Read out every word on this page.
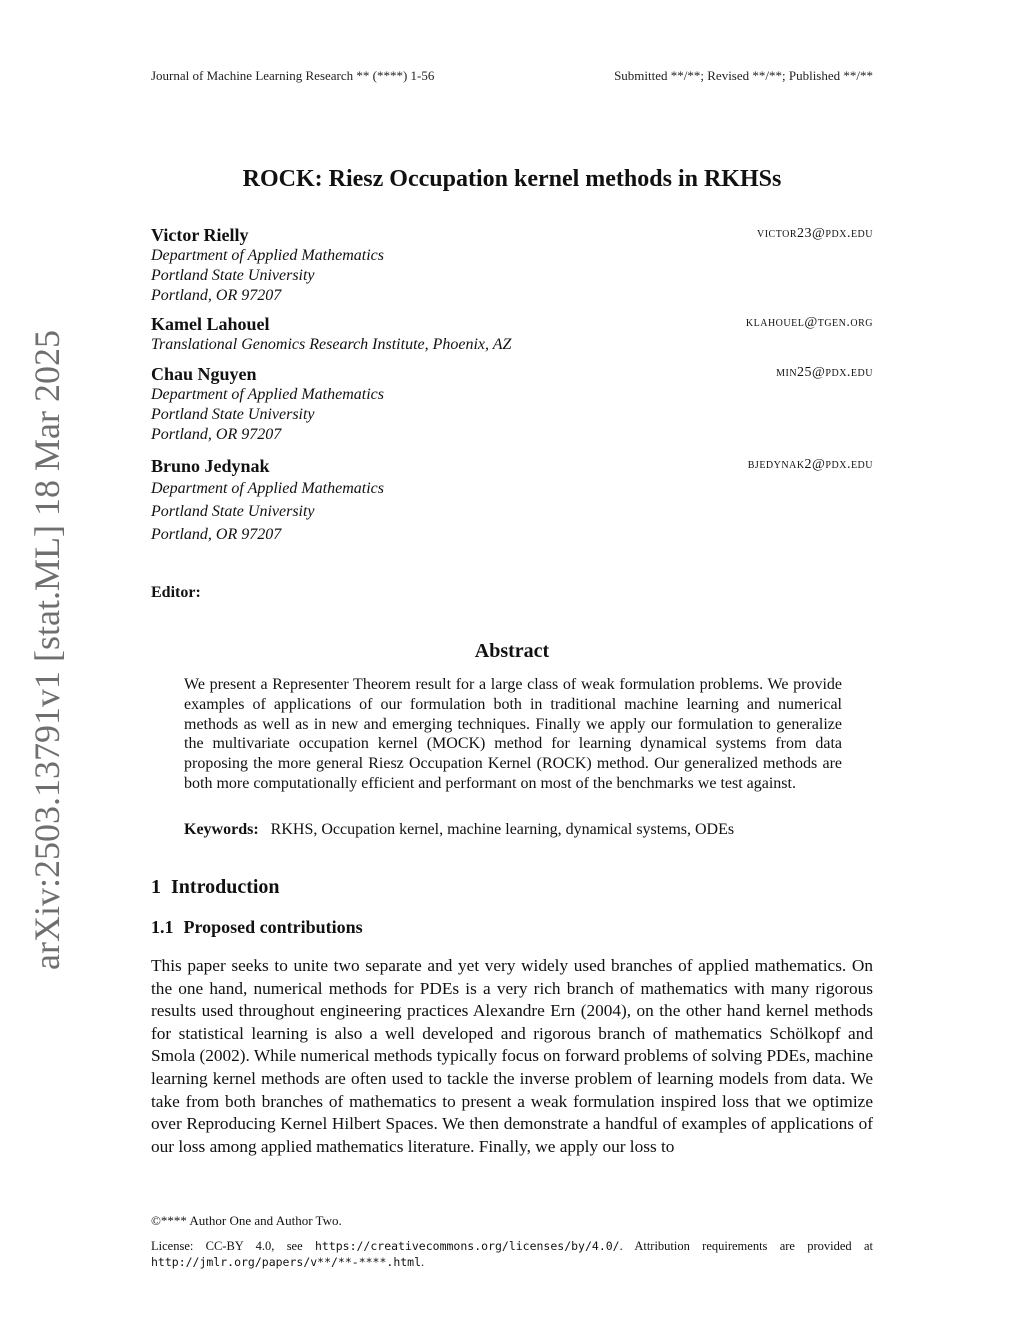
arXiv:2503.13791v1 [stat.ML] 18 Mar 2025
Journal of Machine Learning Research ** (****) 1-56	Submitted **/**; Revised **/**; Published **/**
ROCK: Riesz Occupation kernel methods in RKHSs
Victor Rielly	victor23@pdx.edu
Department of Applied Mathematics
Portland State University
Portland, OR 97207
Kamel Lahouel	klahouel@tgen.org
Translational Genomics Research Institute, Phoenix, AZ
Chau Nguyen	min25@pdx.edu
Department of Applied Mathematics
Portland State University
Portland, OR 97207
Bruno Jedynak	bjedynak2@pdx.edu
Department of Applied Mathematics
Portland State University
Portland, OR 97207
Editor:
Abstract
We present a Representer Theorem result for a large class of weak formulation problems. We provide examples of applications of our formulation both in traditional machine learning and numerical methods as well as in new and emerging techniques. Finally we apply our formulation to generalize the multivariate occupation kernel (MOCK) method for learning dynamical systems from data proposing the more general Riesz Occupation Kernel (ROCK) method. Our generalized methods are both more computationally efficient and performant on most of the benchmarks we test against.
Keywords: RKHS, Occupation kernel, machine learning, dynamical systems, ODEs
1 Introduction
1.1 Proposed contributions
This paper seeks to unite two separate and yet very widely used branches of applied mathematics. On the one hand, numerical methods for PDEs is a very rich branch of mathematics with many rigorous results used throughout engineering practices Alexandre Ern (2004), on the other hand kernel methods for statistical learning is also a well developed and rigorous branch of mathematics Schölkopf and Smola (2002). While numerical methods typically focus on forward problems of solving PDEs, machine learning kernel methods are often used to tackle the inverse problem of learning models from data. We take from both branches of mathematics to present a weak formulation inspired loss that we optimize over Reproducing Kernel Hilbert Spaces. We then demonstrate a handful of examples of applications of our loss among applied mathematics literature. Finally, we apply our loss to
©**** Author One and Author Two.
License: CC-BY 4.0, see https://creativecommons.org/licenses/by/4.0/. Attribution requirements are provided at http://jmlr.org/papers/v**/**-****.html.
